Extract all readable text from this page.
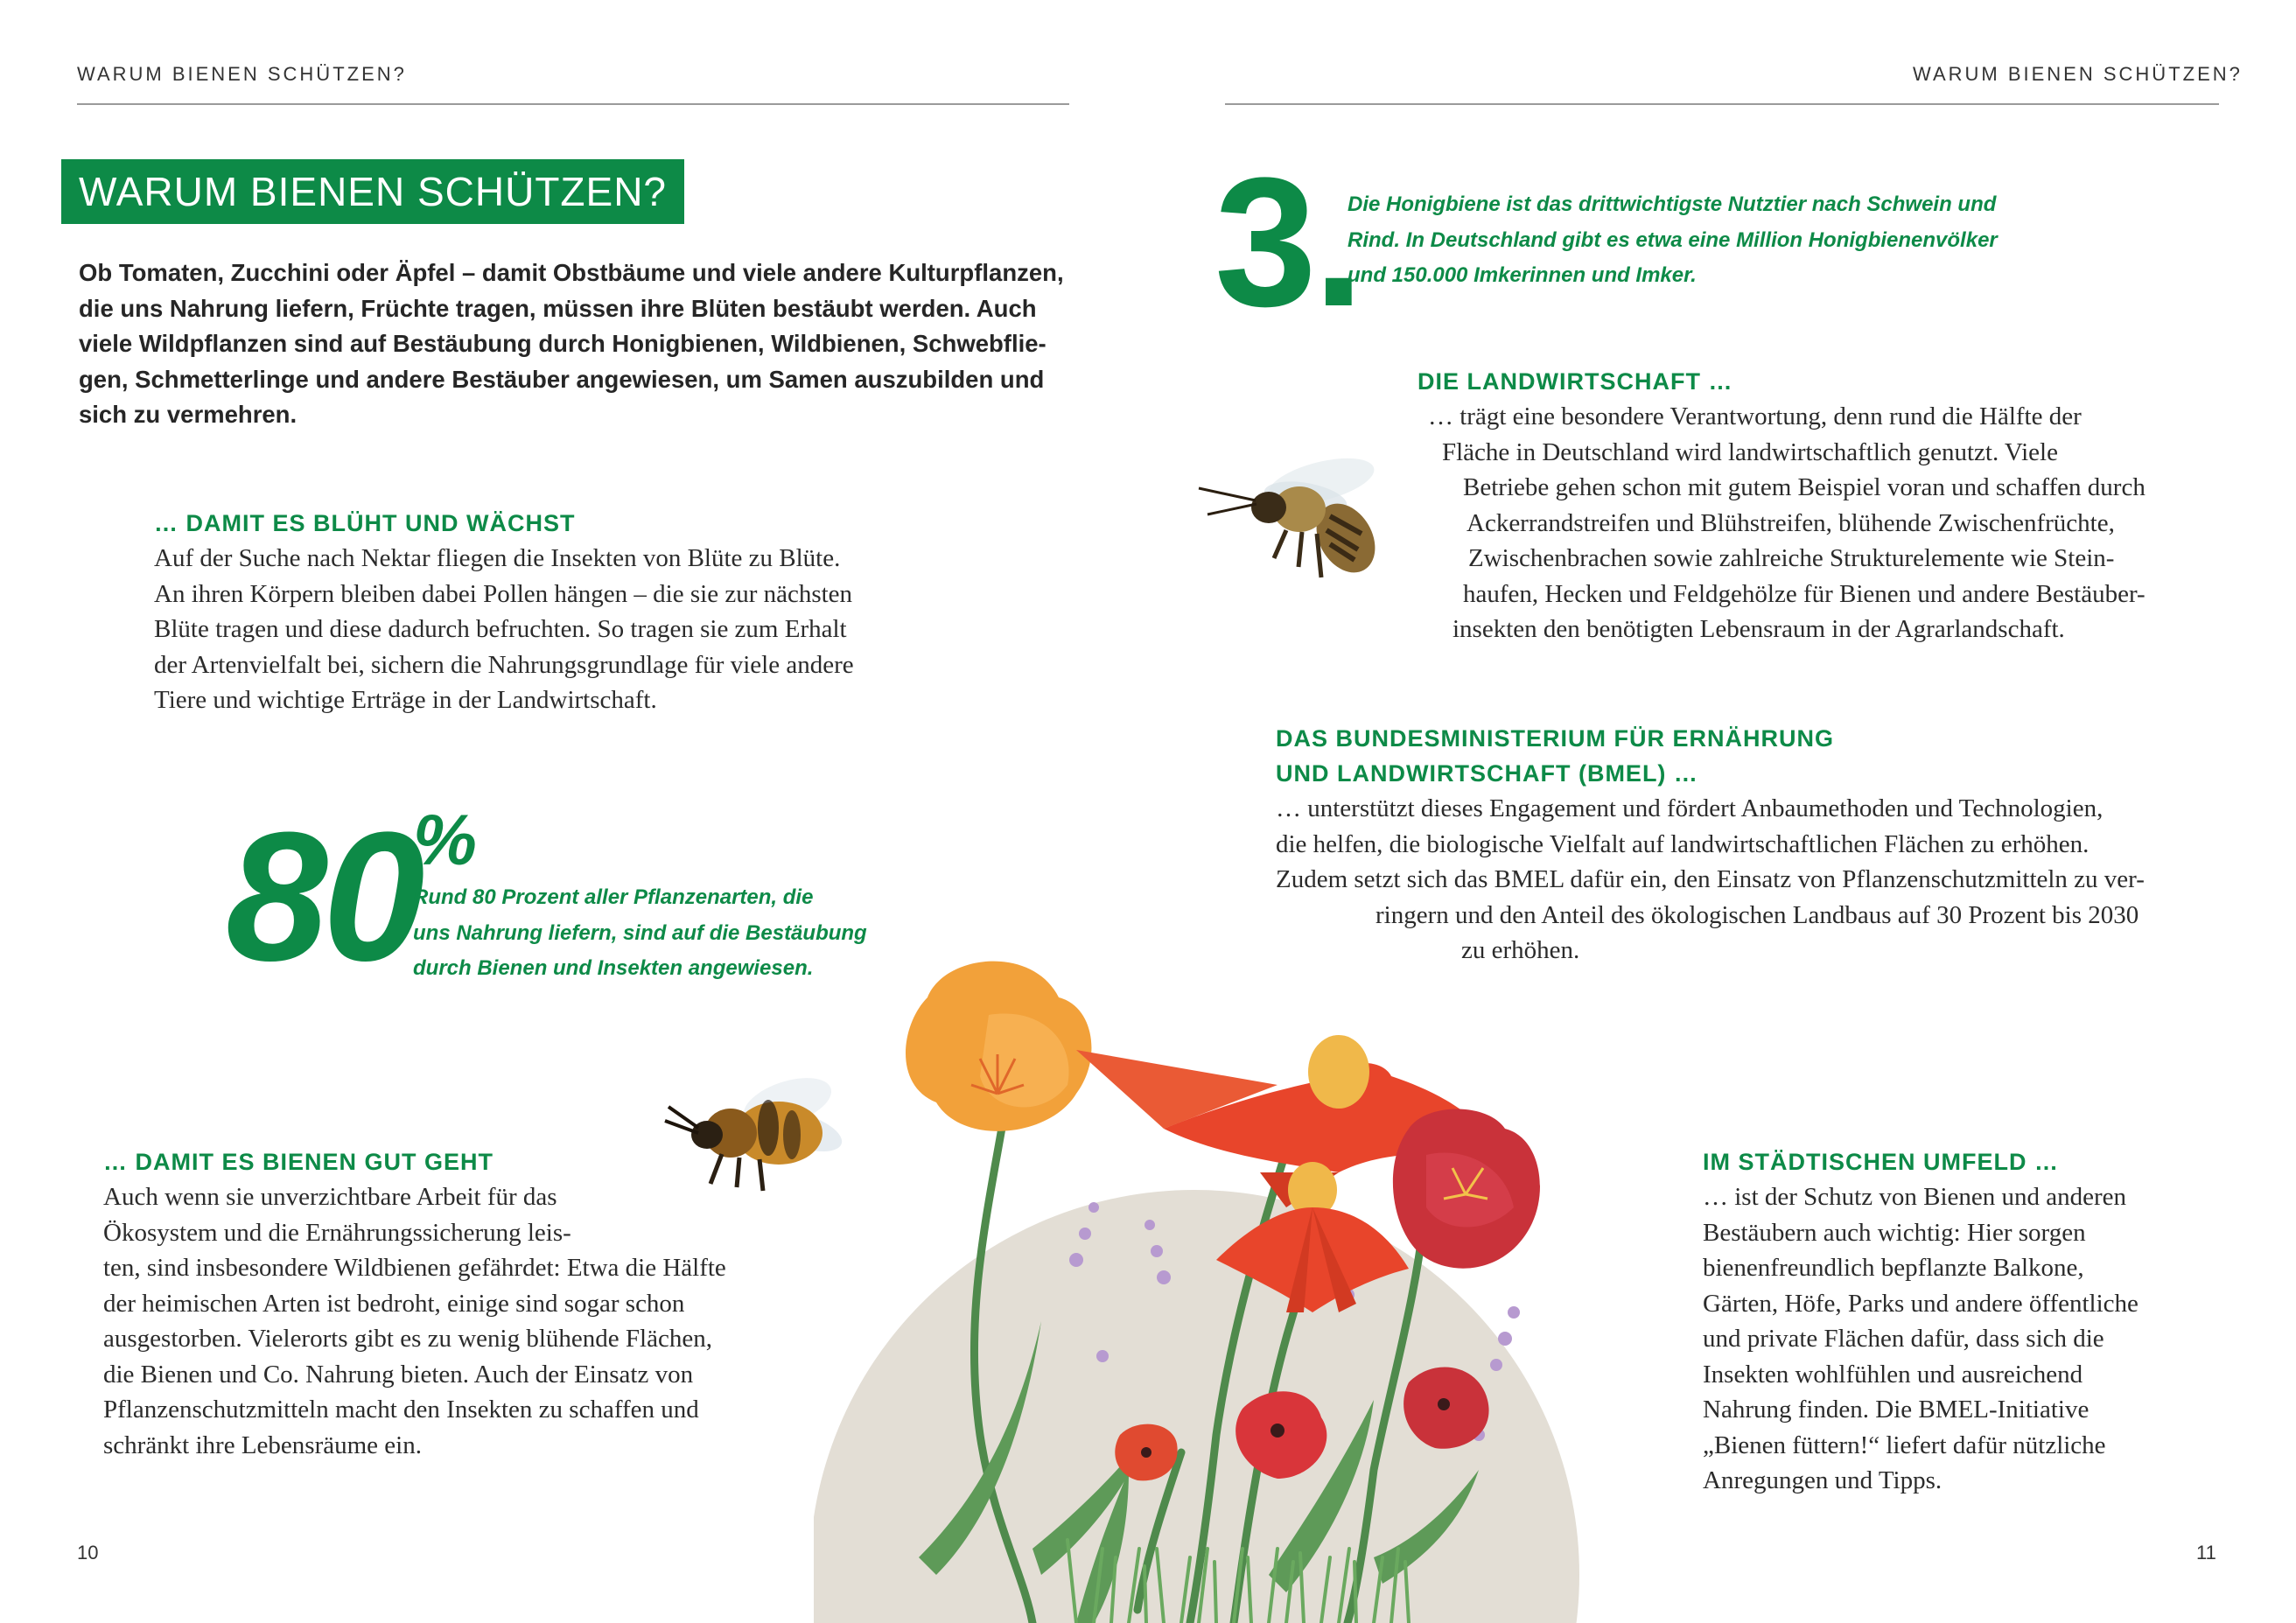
WARUM BIENEN SCHÜTZEN?	WARUM BIENEN SCHÜTZEN?
WARUM BIENEN SCHÜTZEN?

Ob Tomaten, Zucchini oder Äpfel – damit Obstbäume und viele andere Kulturpflanzen,

die uns Nahrung liefern, Früchte tragen, müssen ihre Blüten bestäubt werden. Auch

viele Wildpflanzen sind auf Bestäubung durch Honigbienen, Wildbienen, Schwebflie-

gen, Schmetterlinge und andere Bestäuber angewiesen, um Samen auszubilden und

sich zu vermehren.

… DAMIT ES BLÜHT UND WÄCHST

Auf der Suche nach Nektar fliegen die Insekten von Blüte zu Blüte.

An ihren Körpern bleiben dabei Pollen hängen – die sie zur nächsten

Blüte tragen und diese dadurch befruchten. So tragen sie zum Erhalt

der Artenvielfalt bei, sichern die Nahrungsgrundlage für viele andere

Tiere und wichtige Erträge in der Landwirtschaft.

80
%

Rund 80 Prozent aller Pflanzenarten, die

uns Nahrung liefern, sind auf die Bestäubung

durch Bienen und Insekten angewiesen.

… DAMIT ES BIENEN GUT GEHT

Auch wenn sie unverzichtbare Arbeit für das

Ökosystem und die Ernährungssicherung leis-

ten, sind insbesondere Wildbienen gefährdet: Etwa die Hälfte

der heimischen Arten ist bedroht, einige sind sogar schon

ausgestorben. Vielerorts gibt es zu wenig blühende Flächen,

die Bienen und Co. Nahrung bieten. Auch der Einsatz von

Pflanzenschutzmitteln macht den Insekten zu schaffen und

schränkt ihre Lebensräume ein.

3.

Die Honigbiene ist das drittwichtigste Nutztier nach Schwein und

Rind. In Deutschland gibt es etwa eine Million Honigbienenvölker

und 150.000 Imkerinnen und Imker.

DIE LANDWIRTSCHAFT …

… trägt eine besondere Verantwortung, denn rund die Hälfte der

Fläche in Deutschland wird landwirtschaftlich genutzt. Viele

Betriebe gehen schon mit gutem Beispiel voran und schaffen durch

Ackerrandstreifen und Blühstreifen, blühende Zwischenfrüchte,

Zwischenbrachen sowie zahlreiche Strukturelemente wie Stein-

haufen, Hecken und Feldgehölze für Bienen und andere Bestäuber-

insekten den benötigten Lebensraum in der Agrarlandschaft.

DAS BUNDESMINISTERIUM FÜR ERNÄHRUNG
UND LANDWIRTSCHAFT (BMEL) …

… unterstützt dieses Engagement und fördert Anbaumethoden und Technologien,

die helfen, die biologische Vielfalt auf landwirtschaftlichen Flächen zu erhöhen.

Zudem setzt sich das BMEL dafür ein, den Einsatz von Pflanzenschutzmitteln zu ver-

ringern und den Anteil des ökologischen Landbaus auf 30 Prozent bis 2030

zu erhöhen.

IM STÄDTISCHEN UMFELD …

… ist der Schutz von Bienen und anderen

Bestäubern auch wichtig: Hier sorgen

bienenfreundlich bepflanzte Balkone,

Gärten, Höfe, Parks und andere öffentliche

und private Flächen dafür, dass sich die

Insekten wohlfühlen und ausreichend

Nahrung finden. Die BMEL-Initiative

„Bienen füttern!“ liefert dafür nützliche

Anregungen und Tipps.

10	11
